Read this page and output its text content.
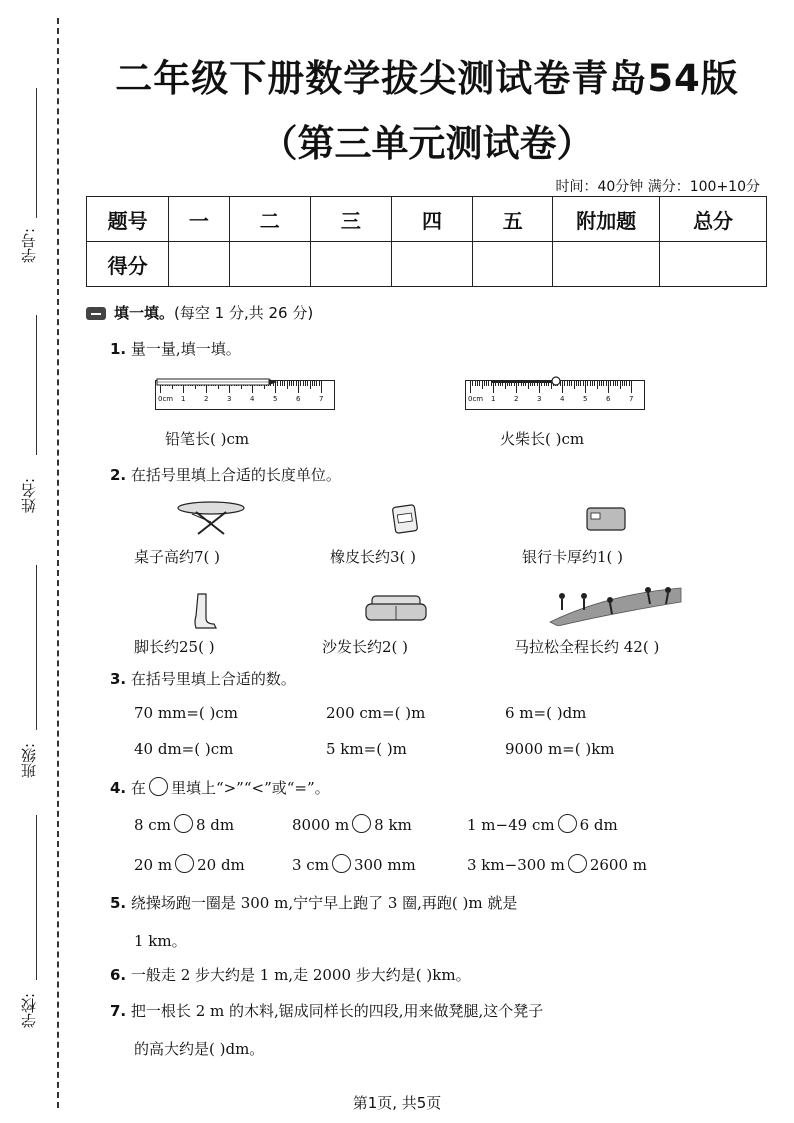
学号:
姓名:
班级:
学校:
二年级下册数学拔尖测试卷青岛54版
（第三单元测试卷）
时间：40分钟 满分：100+10分
题号	一	二	三	四	五	附加题	总分
得分							
填一填。(每空 1 分,共 26 分)
1. 量一量,填一填。
0cm 1	2	3	4	5	6	7
铅笔长( )cm
0cm 1	2	3	4	5	6	7
火柴长( )cm
2. 在括号里填上合适的长度单位。
桌子高约7( )	橡皮长约3( )	银行卡厚约1( )
脚长约25( )	沙发长约2( )	马拉松全程长约 42( )
3. 在括号里填上合适的数。
70 mm=( )cm	200 cm=( )m	6 m=( )dm
40 dm=( )cm	5 km=( )m	9000 m=( )km
4. 在 里填上“>”“<”或“=”。
8 cm 8 dm	8000 m 8 km	1 m−49 cm 6 dm
20 m 20 dm	3 cm 300 mm	3 km−300 m 2600 m
5. 绕操场跑一圈是 300 m,宁宁早上跑了 3 圈,再跑( )m 就是
1 km。
6. 一般走 2 步大约是 1 m,走 2000 步大约是( )km。
7. 把一根长 2 m 的木料,锯成同样长的四段,用来做凳腿,这个凳子
的高大约是( )dm。
第1页, 共5页
